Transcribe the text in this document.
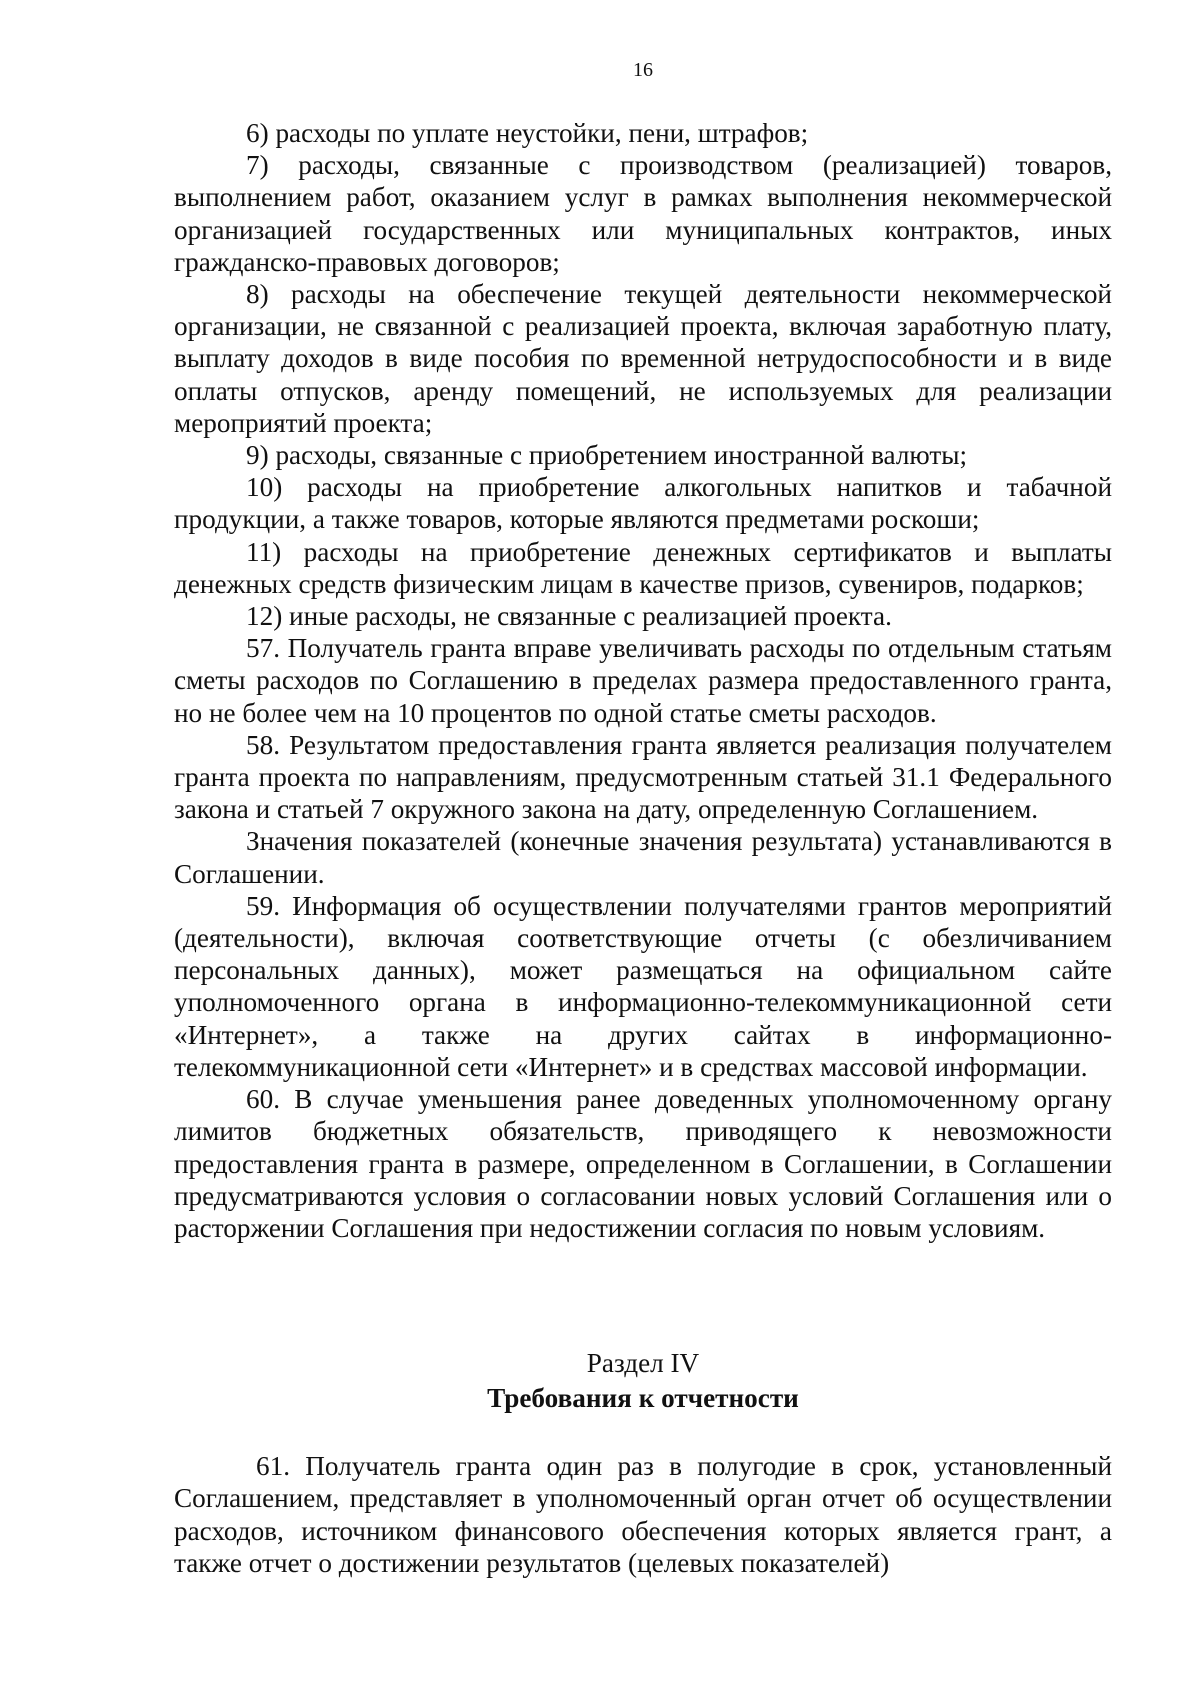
16

6) расходы по уплате неустойки, пени, штрафов;

7) расходы, связанные с производством (реализацией) товаров, выполнением работ, оказанием услуг в рамках выполнения некоммерческой организацией государственных или муниципальных контрактов, иных гражданско-правовых договоров;

8) расходы на обеспечение текущей деятельности некоммерческой организации, не связанной с реализацией проекта, включая заработную плату, выплату доходов в виде пособия по временной нетрудоспособности и в виде оплаты отпусков, аренду помещений, не используемых для реализации мероприятий проекта;

9) расходы, связанные с приобретением иностранной валюты;

10) расходы на приобретение алкогольных напитков и табачной продукции, а также товаров, которые являются предметами роскоши;

11) расходы на приобретение денежных сертификатов и выплаты денежных средств физическим лицам в качестве призов, сувениров, подарков;

12) иные расходы, не связанные с реализацией проекта.

57. Получатель гранта вправе увеличивать расходы по отдельным статьям сметы расходов по Соглашению в пределах размера предоставленного гранта, но не более чем на 10 процентов по одной статье сметы расходов.

58. Результатом предоставления гранта является реализация получателем гранта проекта по направлениям, предусмотренным статьей 31.1 Федерального закона и статьей 7 окружного закона на дату, определенную Соглашением.

Значения показателей (конечные значения результата) устанавливаются в Соглашении.

59. Информация об осуществлении получателями грантов мероприятий (деятельности), включая соответствующие отчеты (с обезличиванием персональных данных), может размещаться на официальном сайте уполномоченного органа в информационно-телекоммуникационной сети «Интернет», а также на других сайтах в информационно-телекоммуникационной сети «Интернет» и в средствах массовой информации.

60. В случае уменьшения ранее доведенных уполномоченному органу лимитов бюджетных обязательств, приводящего к невозможности предоставления гранта в размере, определенном в Соглашении, в Соглашении предусматриваются условия о согласовании новых условий Соглашения или о расторжении Соглашения при недостижении согласия по новым условиям.

Раздел IV
Требования к отчетности

61. Получатель гранта один раз в полугодие в срок, установленный Соглашением, представляет в уполномоченный орган отчет об осуществлении расходов, источником финансового обеспечения которых является грант, а также отчет о достижении результатов (целевых показателей)
